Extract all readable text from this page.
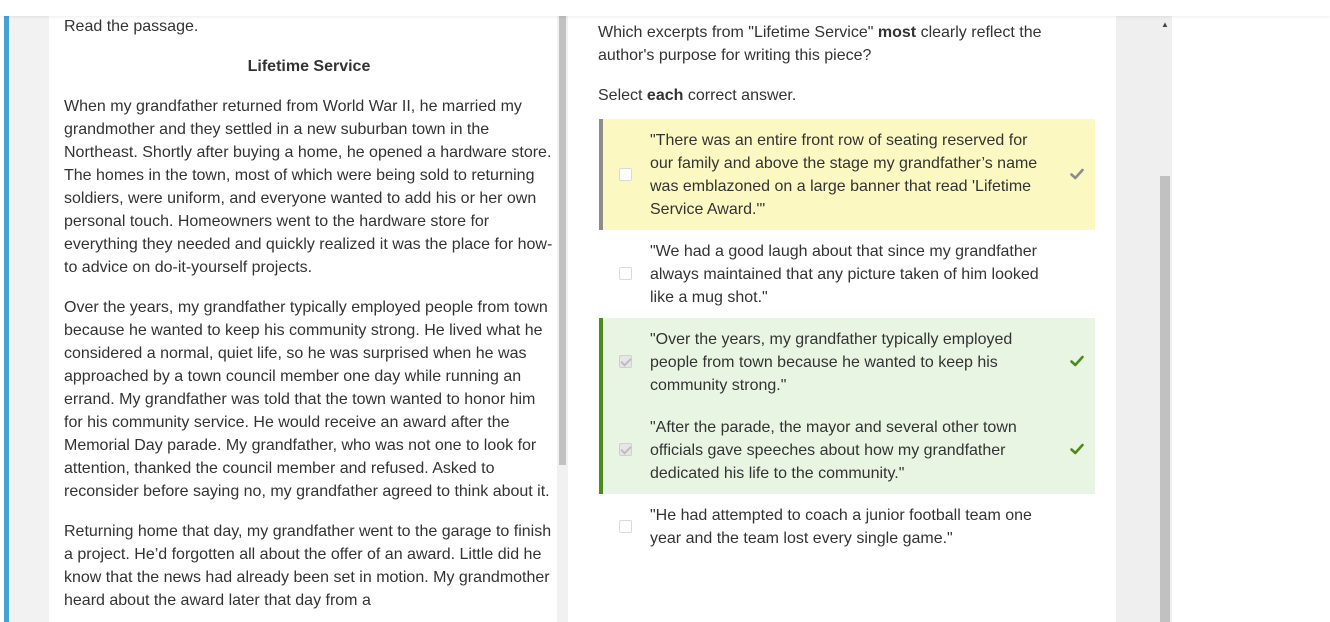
Read the passage.

Lifetime Service

When my grandfather returned from World War II, he married my grandmother and they settled in a new suburban town in the Northeast. Shortly after buying a home, he opened a hardware store. The homes in the town, most of which were being sold to returning soldiers, were uniform, and everyone wanted to add his or her own personal touch. Homeowners went to the hardware store for everything they needed and quickly realized it was the place for how-to advice on do-it-yourself projects.

Over the years, my grandfather typically employed people from town because he wanted to keep his community strong. He lived what he considered a normal, quiet life, so he was surprised when he was approached by a town council member one day while running an errand. My grandfather was told that the town wanted to honor him for his community service. He would receive an award after the Memorial Day parade. My grandfather, who was not one to look for attention, thanked the council member and refused. Asked to reconsider before saying no, my grandfather agreed to think about it.

Returning home that day, my grandfather went to the garage to finish a project. He’d forgotten all about the offer of an award. Little did he know that the news had already been set in motion. My grandmother heard about the award later that day from a

Which excerpts from "Lifetime Service" most clearly reflect the author's purpose for writing this piece?

Select each correct answer.

"There was an entire front row of seating reserved for our family and above the stage my grandfather’s name was emblazoned on a large banner that read 'Lifetime Service Award.'"
"We had a good laugh about that since my grandfather always maintained that any picture taken of him looked like a mug shot."
"Over the years, my grandfather typically employed people from town because he wanted to keep his community strong."
"After the parade, the mayor and several other town officials gave speeches about how my grandfather dedicated his life to the community."
"He had attempted to coach a junior football team one year and the team lost every single game."
▲
